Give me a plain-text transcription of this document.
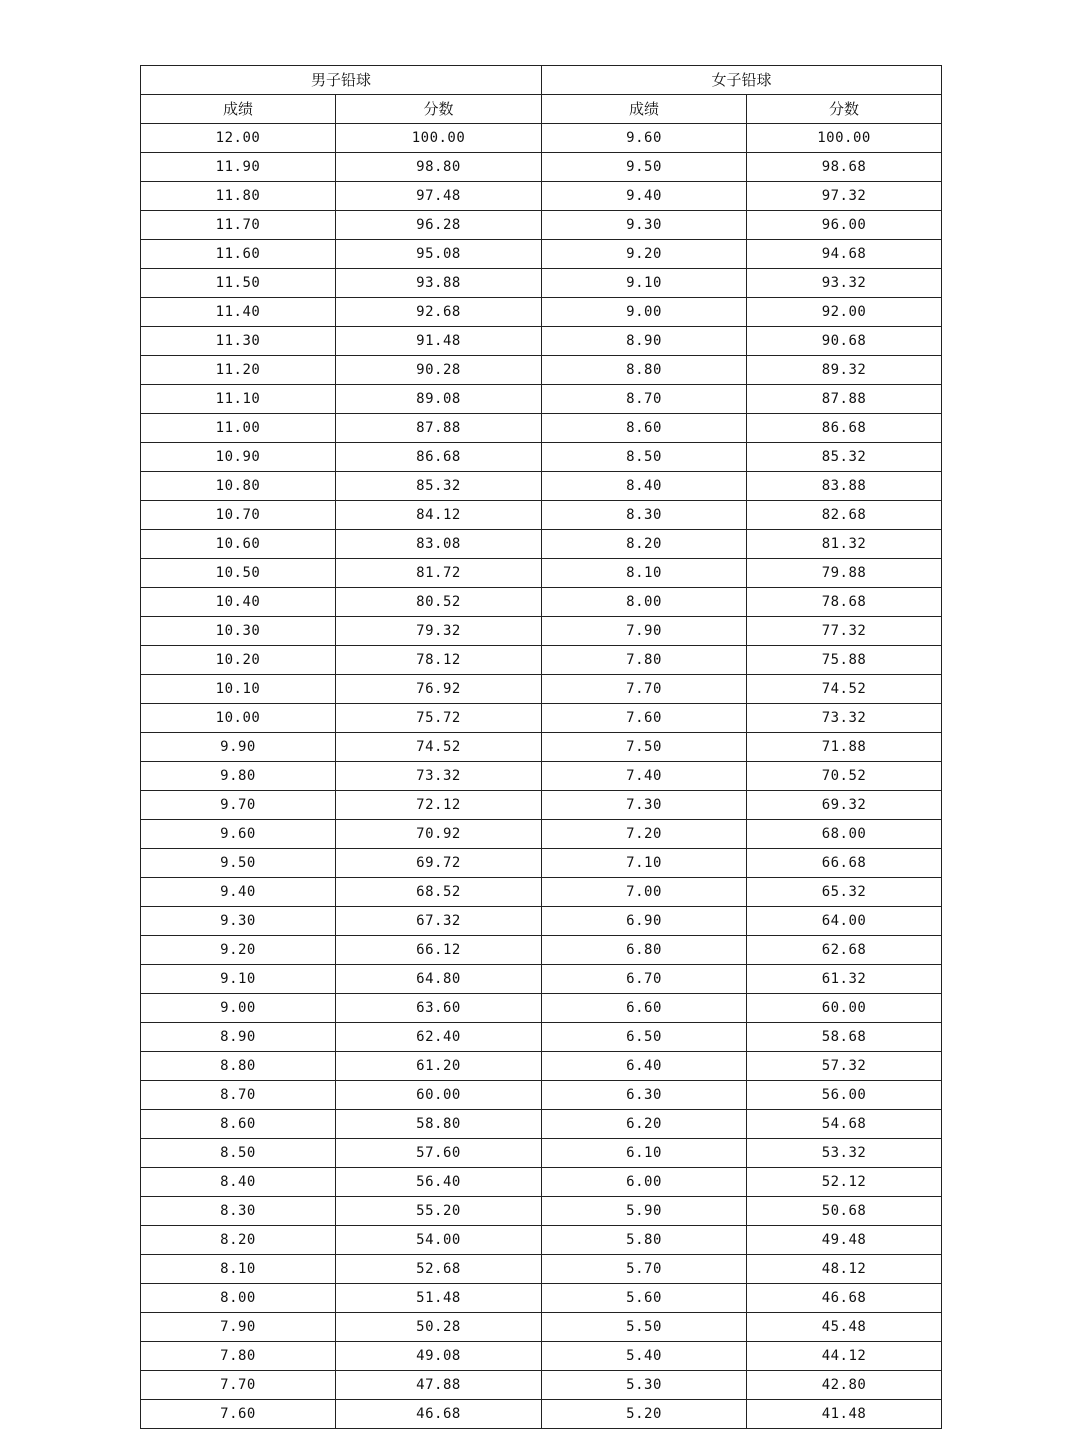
男子铅球		女子铅球	
成绩	分数	成绩	分数
12.00	100.00	9.60	100.00
11.90	98.80	9.50	98.68
11.80	97.48	9.40	97.32
11.70	96.28	9.30	96.00
11.60	95.08	9.20	94.68
11.50	93.88	9.10	93.32
11.40	92.68	9.00	92.00
11.30	91.48	8.90	90.68
11.20	90.28	8.80	89.32
11.10	89.08	8.70	87.88
11.00	87.88	8.60	86.68
10.90	86.68	8.50	85.32
10.80	85.32	8.40	83.88
10.70	84.12	8.30	82.68
10.60	83.08	8.20	81.32
10.50	81.72	8.10	79.88
10.40	80.52	8.00	78.68
10.30	79.32	7.90	77.32
10.20	78.12	7.80	75.88
10.10	76.92	7.70	74.52
10.00	75.72	7.60	73.32
9.90	74.52	7.50	71.88
9.80	73.32	7.40	70.52
9.70	72.12	7.30	69.32
9.60	70.92	7.20	68.00
9.50	69.72	7.10	66.68
9.40	68.52	7.00	65.32
9.30	67.32	6.90	64.00
9.20	66.12	6.80	62.68
9.10	64.80	6.70	61.32
9.00	63.60	6.60	60.00
8.90	62.40	6.50	58.68
8.80	61.20	6.40	57.32
8.70	60.00	6.30	56.00
8.60	58.80	6.20	54.68
8.50	57.60	6.10	53.32
8.40	56.40	6.00	52.12
8.30	55.20	5.90	50.68
8.20	54.00	5.80	49.48
8.10	52.68	5.70	48.12
8.00	51.48	5.60	46.68
7.90	50.28	5.50	45.48
7.80	49.08	5.40	44.12
7.70	47.88	5.30	42.80
7.60	46.68	5.20	41.48
